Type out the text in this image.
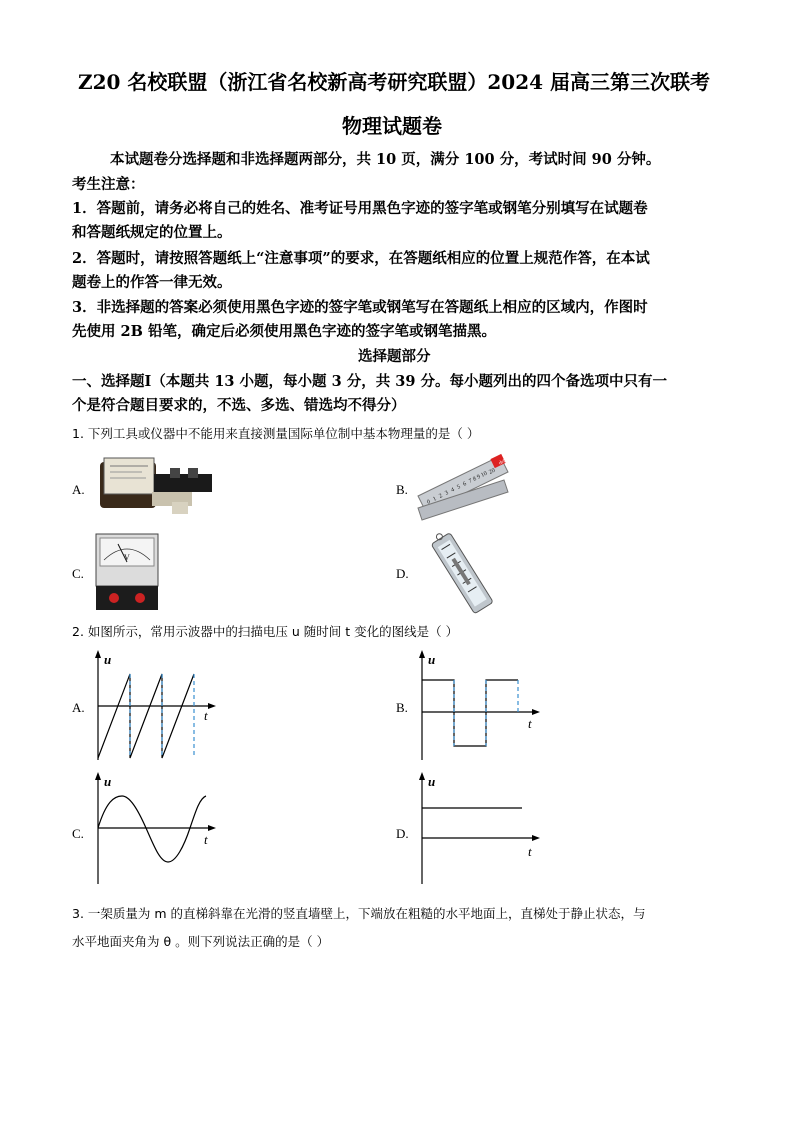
Z20 名校联盟（浙江省名校新高考研究联盟）2024 届高三第三次联考
物理试题卷
本试题卷分选择题和非选择题两部分，共 10 页，满分 100 分，考试时间 90 分钟。
考生注意：
1．答题前，请务必将自己的姓名、准考证号用黑色字迹的签字笔或钢笔分别填写在试题卷
和答题纸规定的位置上。
2．答题时，请按照答题纸上“注意事项”的要求，在答题纸相应的位置上规范作答，在本试
题卷上的作答一律无效。
3．非选择题的答案必须使用黑色字迹的签字笔或钢笔写在答题纸上相应的区域内，作图时
先使用 2B 铅笔，确定后必须使用黑色字迹的签字笔或钢笔描黑。
选择题部分
一、选择题Ⅰ（本题共 13 小题，每小题 3 分，共 39 分。每小题列出的四个备选项中只有一
个是符合题目要求的，不选、多选、错选均不得分）
1. 下列工具或仪器中不能用来直接测量国际单位制中基本物理量的是（ ）
A.	B.
deli
0 1 2 3 4 5 6 7
8
9
10 20
C.
V
D.
2. 如图所示，常用示波器中的扫描电压 u 随时间 t 变化的图线是（ ）
A.
u
t
B.
u
t
C.
u
t	D.
u
t
3. 一架质量为 m 的直梯斜靠在光滑的竖直墙壁上，下端放在粗糙的水平地面上，直梯处于静止状态，与
水平地面夹角为 θ 。则下列说法正确的是（ ）
